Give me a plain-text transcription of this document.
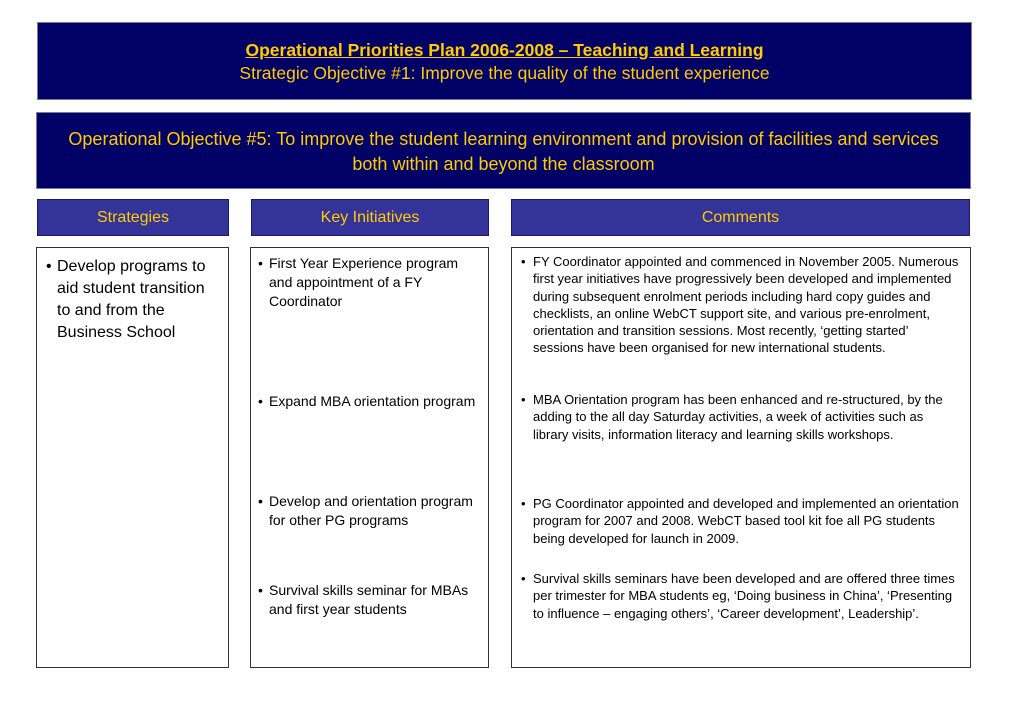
Operational Priorities Plan 2006-2008 – Teaching and Learning
Strategic Objective #1: Improve the quality of the student experience
Operational Objective #5: To improve the student learning environment and provision of facilities and services both within and beyond the classroom
Strategies	Key Initiatives	Comments
• Develop programs to aid student transition to and from the Business School
• First Year Experience program and appointment of a FY Coordinator
• Expand MBA orientation program
• Develop and orientation program for other PG programs
• Survival skills seminar for MBAs and first year students
• FY Coordinator appointed and commenced in November 2005. Numerous first year initiatives have progressively been developed and implemented during subsequent enrolment periods including hard copy guides and checklists, an online WebCT support site, and various pre-enrolment, orientation and transition sessions. Most recently, ‘getting started’ sessions have been organised for new international students.
• MBA Orientation program has been enhanced and re-structured, by the adding to the all day Saturday activities, a week of activities such as library visits, information literacy and learning skills workshops.
• PG Coordinator appointed and developed and implemented an orientation program for 2007 and 2008. WebCT based tool kit foe all PG students being developed for launch in 2009.
• Survival skills seminars have been developed and are offered three times per trimester for MBA students eg, ‘Doing business in China’, ‘Presenting to influence – engaging others’, ‘Career development’, Leadership’.
